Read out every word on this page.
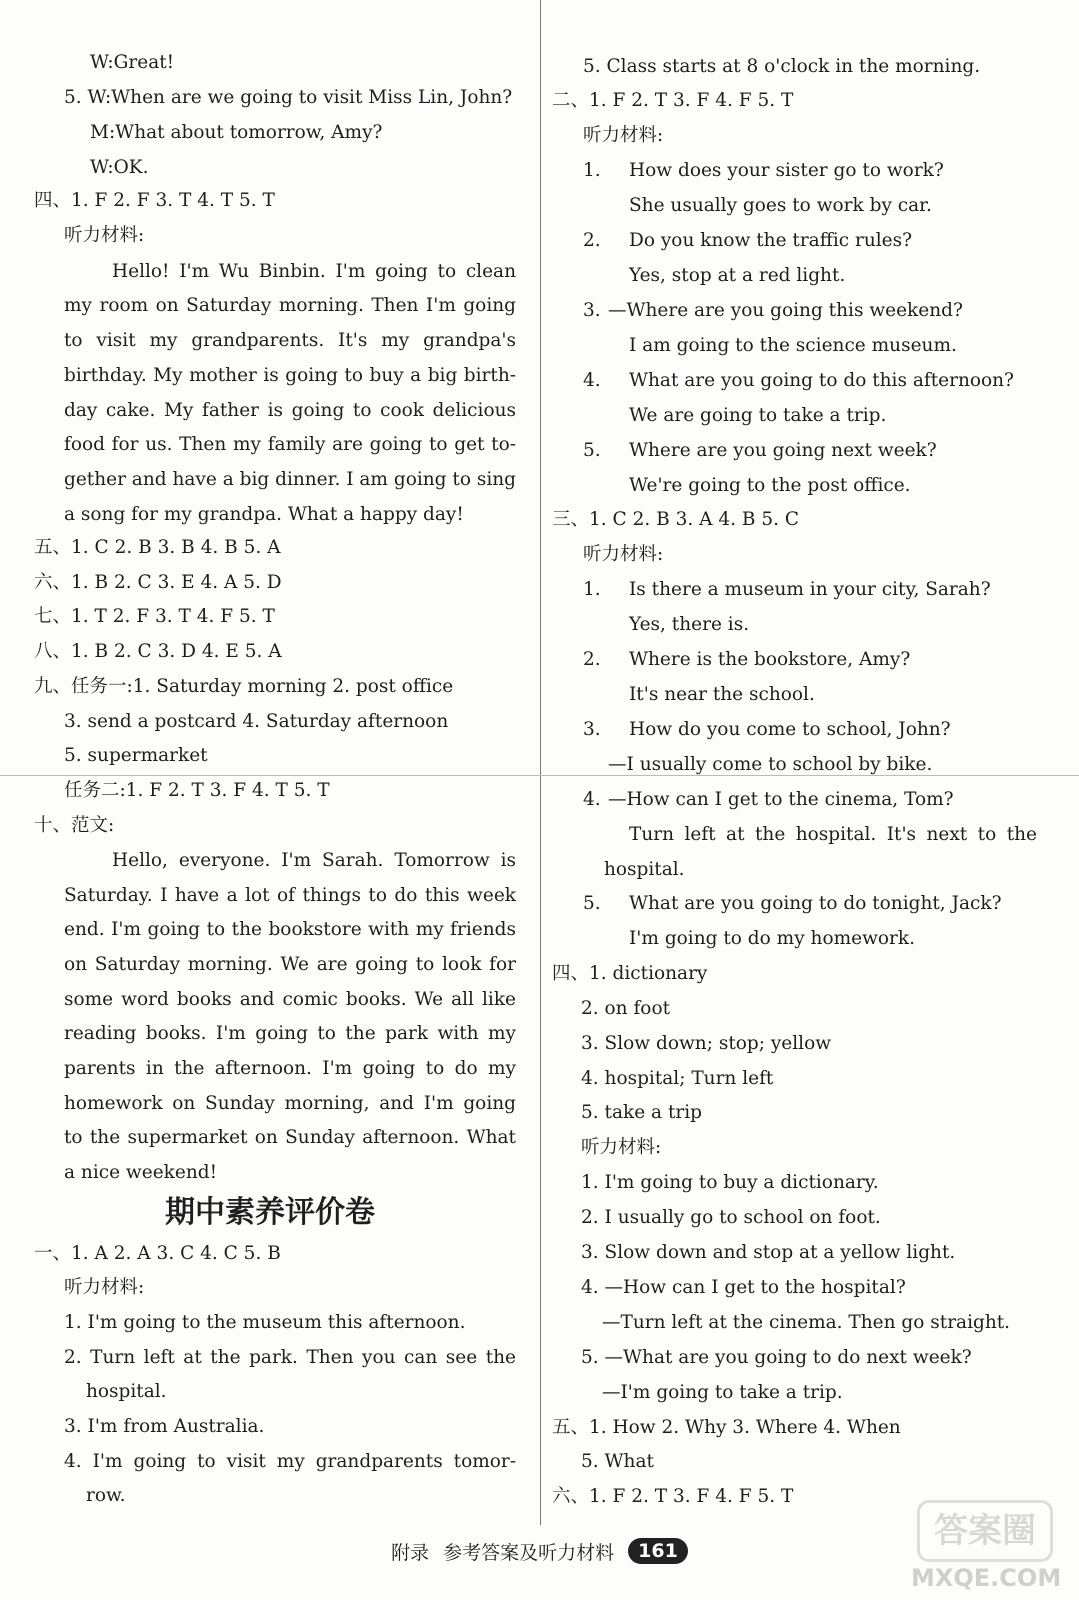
W:Great!
5. W:When are we going to visit Miss Lin, John?
M:What about tomorrow, Amy?
W:OK.
四、1. F 2. F 3. T 4. T 5. T
听力材料:
Hello! I'm Wu Binbin. I'm going to clean
my room on Saturday morning. Then I'm going
to visit my grandparents. It's my grandpa's
birthday. My mother is going to buy a big birth-
day cake. My father is going to cook delicious
food for us. Then my family are going to get to-
gether and have a big dinner. I am going to sing
a song for my grandpa. What a happy day!
五、1. C 2. B 3. B 4. B 5. A
六、1. B 2. C 3. E 4. A 5. D
七、1. T 2. F 3. T 4. F 5. T
八、1. B 2. C 3. D 4. E 5. A
九、任务一:1. Saturday morning 2. post office
3. send a postcard 4. Saturday afternoon
5. supermarket
任务二:1. F 2. T 3. F 4. T 5. T
十、范文:
Hello, everyone. I'm Sarah. Tomorrow is
Saturday. I have a lot of things to do this week
end. I'm going to the bookstore with my friends
on Saturday morning. We are going to look for
some word books and comic books. We all like
reading books. I'm going to the park with my
parents in the afternoon. I'm going to do my
homework on Sunday morning, and I'm going
to the supermarket on Sunday afternoon. What
a nice weekend!
期中素养评价卷
一、1. A 2. A 3. C 4. C 5. B
听力材料:
1. I'm going to the museum this afternoon.
2. Turn left at the park. Then you can see the
hospital.
3. I'm from Australia.
4. I'm going to visit my grandparents tomor-
row.
5. Class starts at 8 o'clock in the morning.
二、1. F 2. T 3. F 4. F 5. T
听力材料:
1. How does your sister go to work?
She usually goes to work by car.
2. Do you know the traffic rules?
Yes, stop at a red light.
3. —Where are you going this weekend?
I am going to the science museum.
4. What are you going to do this afternoon?
We are going to take a trip.
5. Where are you going next week?
We're going to the post office.
三、1. C 2. B 3. A 4. B 5. C
听力材料:
1. Is there a museum in your city, Sarah?
Yes, there is.
2. Where is the bookstore, Amy?
It's near the school.
3. How do you come to school, John?
—I usually come to school by bike.
4. —How can I get to the cinema, Tom?
Turn left at the hospital. It's next to the
hospital.
5. What are you going to do tonight, Jack?
I'm going to do my homework.
四、1. dictionary
2. on foot
3. Slow down; stop; yellow
4. hospital; Turn left
5. take a trip
听力材料:
1. I'm going to buy a dictionary.
2. I usually go to school on foot.
3. Slow down and stop at a yellow light.
4. —How can I get to the hospital?
—Turn left at the cinema. Then go straight.
5. —What are you going to do next week?
—I'm going to take a trip.
五、1. How 2. Why 3. Where 4. When
5. What
六、1. F 2. T 3. F 4. F 5. T
附录 参考答案及听力材料	161	答案圈
MXQE.COM
